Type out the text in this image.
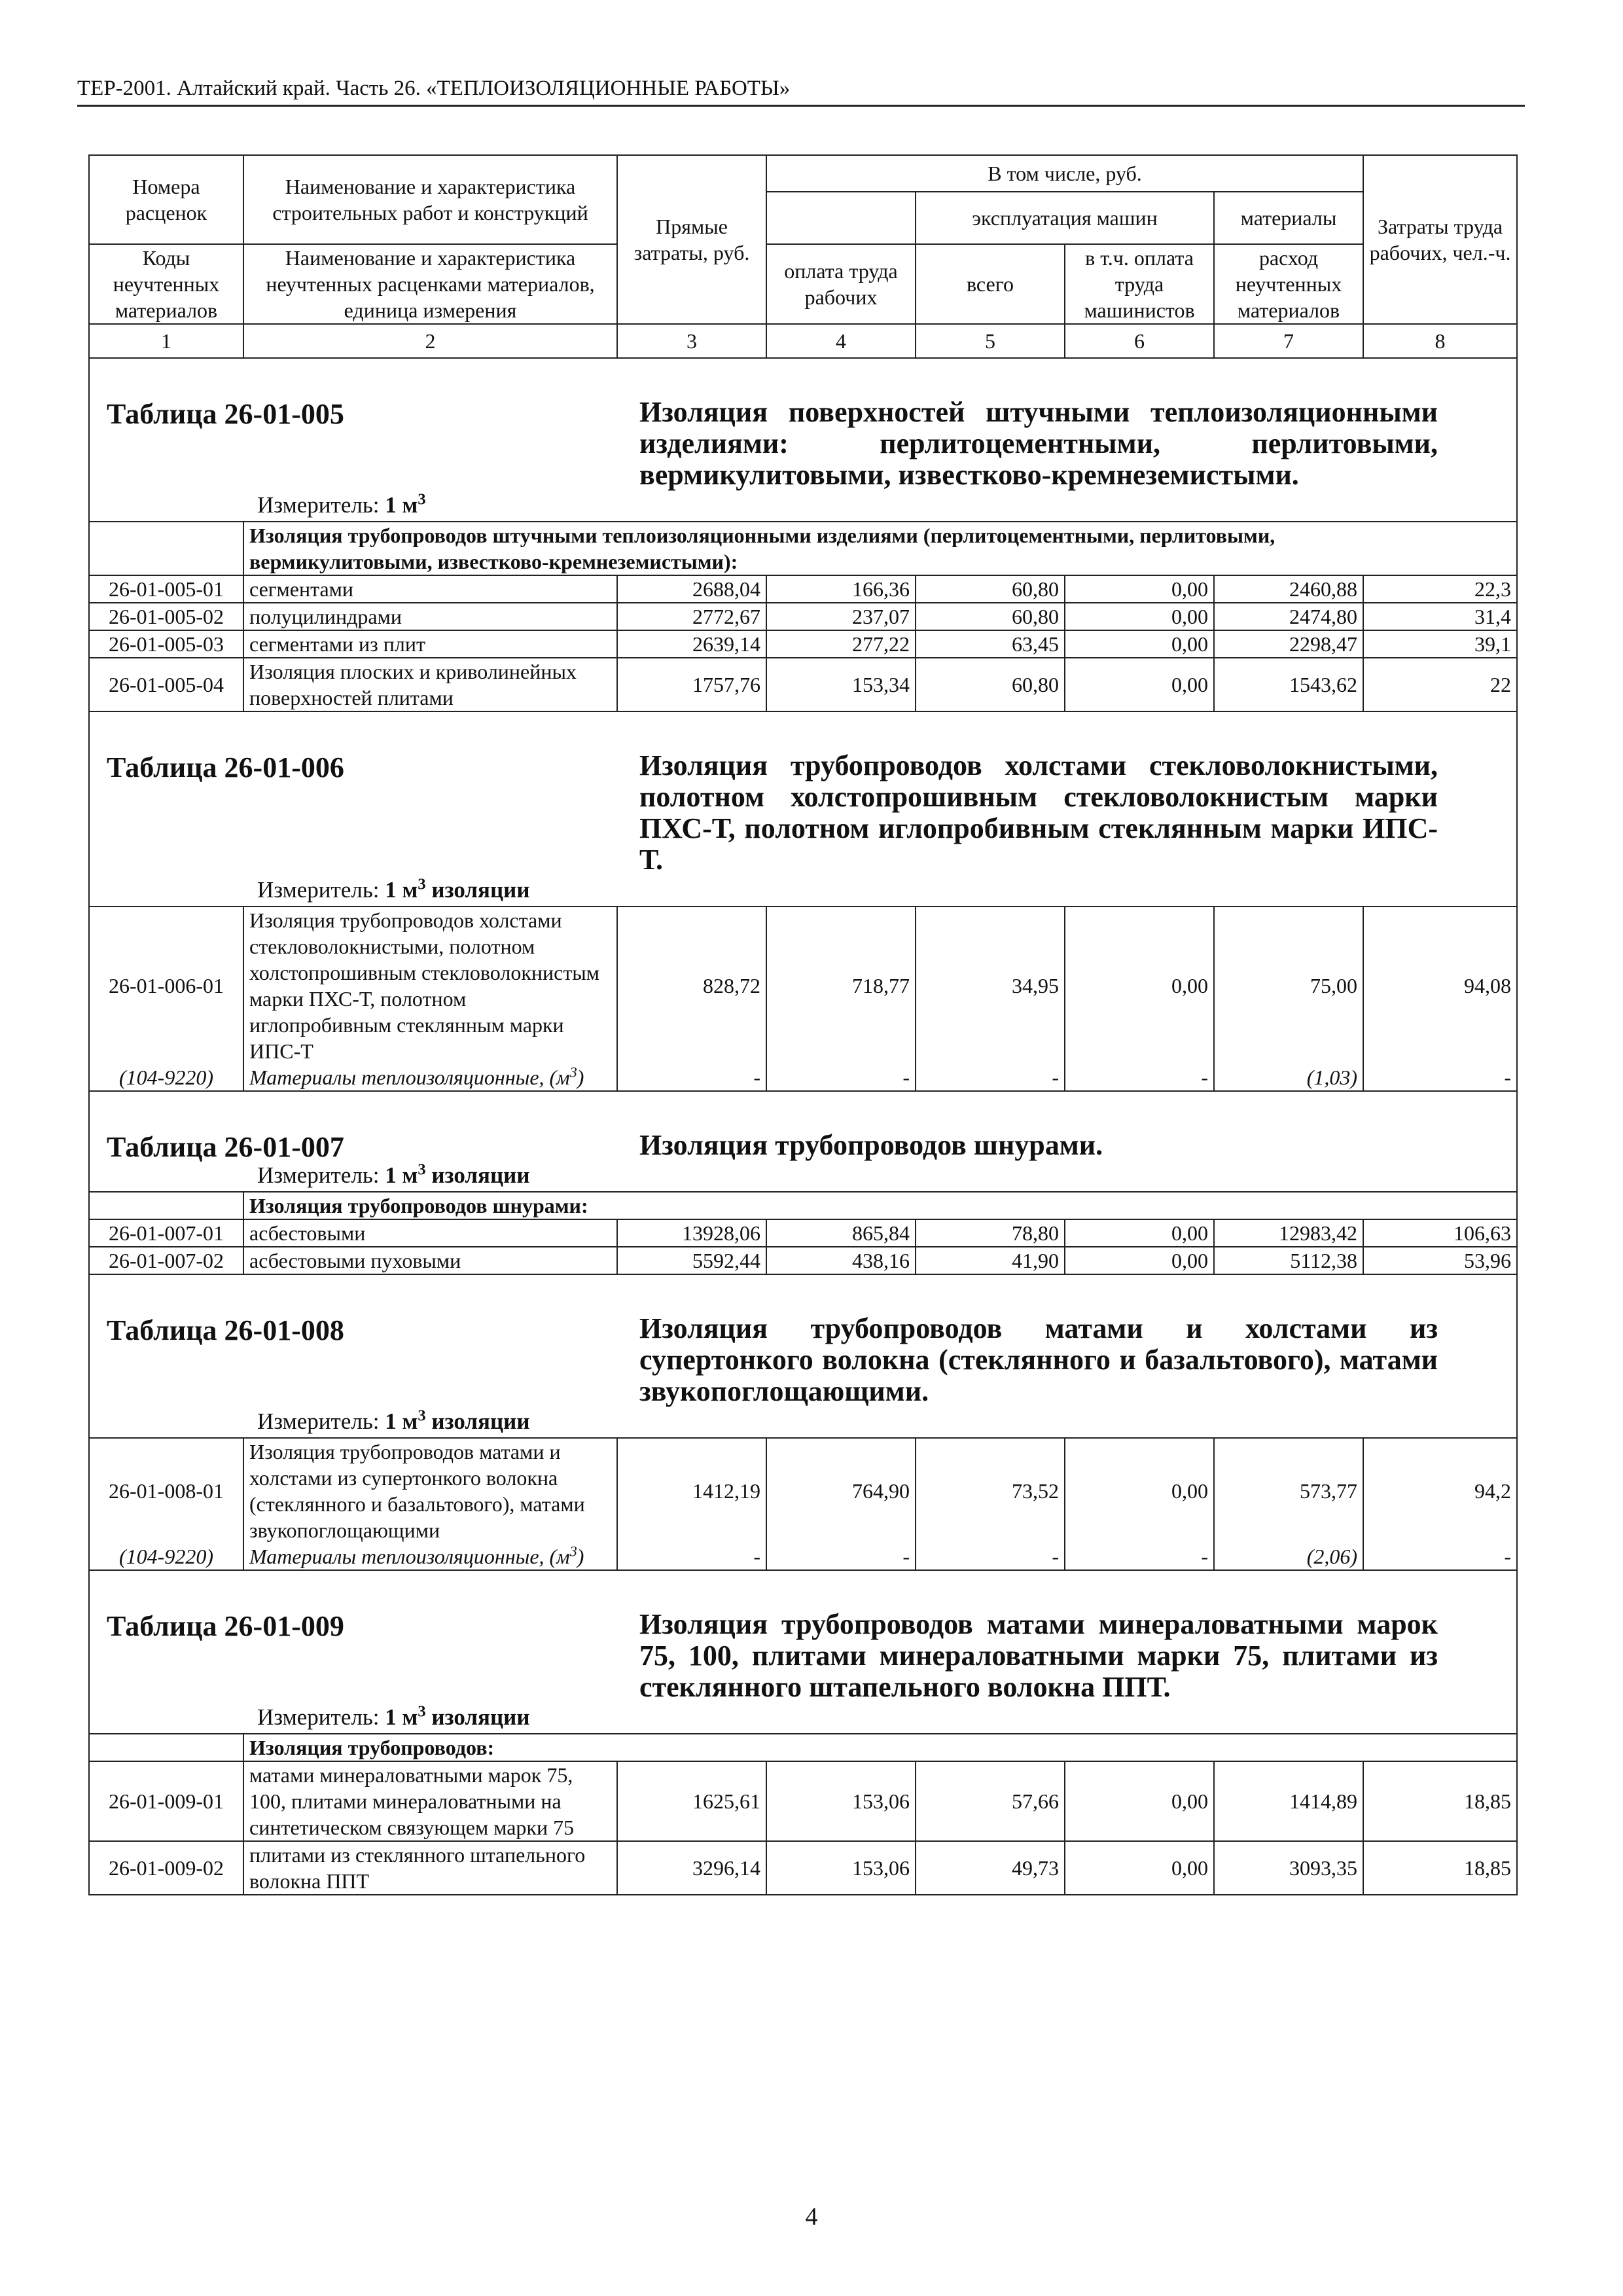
ТЕР-2001. Алтайский край. Часть 26. «ТЕПЛОИЗОЛЯЦИОННЫЕ РАБОТЫ»
Номера расценок	Наименование и характеристика строительных работ и конструкций	Прямые затраты, руб.	В том числе, руб.				Затраты труда рабочих, чел.-ч.
				эксплуатация машин		материалы	
Коды неучтенных материалов	Наименование и характеристика неучтенных расценками материалов, единица измерения		оплата труда рабочих	всего	в т.ч. оплата труда машинистов	расход неучтенных материалов	
1	2	3	4	5	6	7	8

Таблица 26-01-005 Изоляция поверхностей штучными теплоизоляционными изделиями: перлитоцементными, перлитовыми, вермикулитовыми, известково-кремнеземистыми.
Измеритель: 1 $м^3$

	Изоляция трубопроводов штучными теплоизоляционными изделиями (перлитоцементными, перлитовыми, вермикулитовыми, известково-кремнеземистыми):						
26-01-005-01	сегментами	2688,04	166,36	60,80	0,00	2460,88	22,3
26-01-005-02	полуцилиндрами	2772,67	237,07	60,80	0,00	2474,80	31,4
26-01-005-03	сегментами из плит	2639,14	277,22	63,45	0,00	2298,47	39,1
26-01-005-04	Изоляция плоских и криволинейных поверхностей плитами	1757,76	153,34	60,80	0,00	1543,62	22

Таблица 26-01-006 Изоляция трубопроводов холстами стекловолокнистыми, полотном холстопрошивным стекловолокнистым марки ПХС-Т, полотном иглопробивным стеклянным марки ИПС-Т.
Измеритель: 1 $м^3$ изоляции							

26-01-006-01	Изоляция трубопроводов холстами стекловолокнистыми, полотном холстопрошивным стекловолокнистым марки ПХС-Т, полотном иглопробивным стеклянным марки ИПС-Т	828,72	718,77	34,95	0,00	75,00	94,08
(104-9220)	Материалы теплоизоляционные, $(м^3)$	-	-	-	-	(1,03)	-

Таблица 26-01-007 Изоляция трубопроводов шнурами.
Измеритель: 1 $м^3$ изоляции							

	Изоляция трубопроводов шнурами:						
26-01-007-01	асбестовыми	13928,06	865,84	78,80	0,00	12983,42	106,63
26-01-007-02	асбестовыми пуховыми	5592,44	438,16	41,90	0,00	5112,38	53,96

Таблица 26-01-008 Изоляция трубопроводов матами и холстами из супертонкого волокна (стеклянного и базальтового), матами звукопоглощающими.
Измеритель: 1 $м^3$ изоляции							

26-01-008-01	Изоляция трубопроводов матами и холстами из супертонкого волокна (стеклянного и базальтового), матами звукопоглощающими	1412,19	764,90	73,52	0,00	573,77	94,2
(104-9220)	Материалы теплоизоляционные, $(м^3)$	-	-	-	-	(2,06)	-

Таблица 26-01-009 Изоляция трубопроводов матами минераловатными марок 75, 100, плитами минераловатными марки 75, плитами из стеклянного штапельного волокна ППТ.
Измеритель: 1 $м^3$ изоляции							

	Изоляция трубопроводов:						
26-01-009-01	матами минераловатными марок 75, 100, плитами минераловатными на синтетическом связующем марки 75	1625,61	153,06	57,66	0,00	1414,89	18,85
26-01-009-02	плитами из стеклянного штапельного волокна ППТ	3296,14	153,06	49,73	0,00	3093,35	18,85
4
